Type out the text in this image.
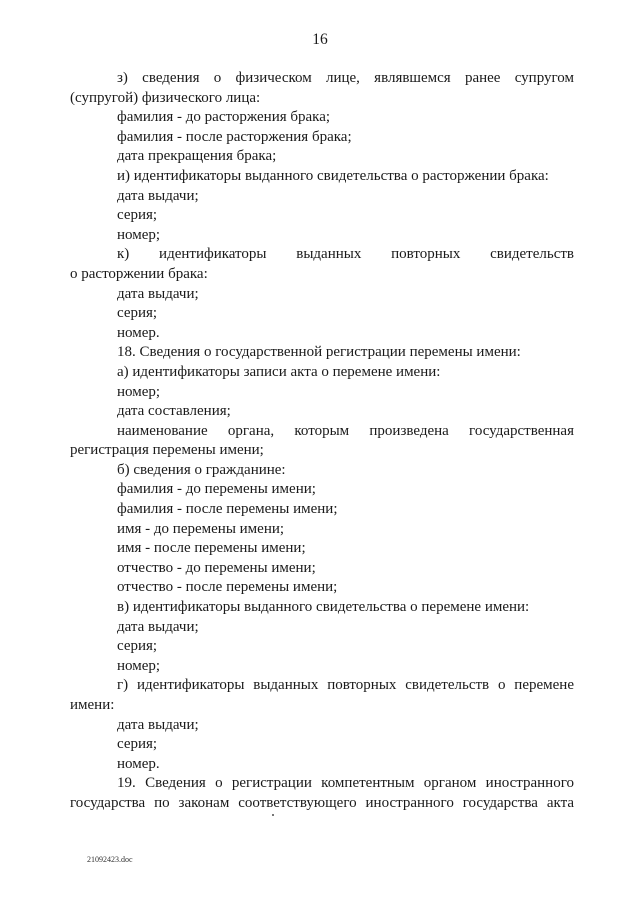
16
з) сведения о физическом лице, являвшемся ранее супругом
(супругой) физического лица:
фамилия - до расторжения брака;
фамилия - после расторжения брака;
дата прекращения брака;
и) идентификаторы выданного свидетельства о расторжении брака:
дата выдачи;
серия;
номер;
к) идентификаторы выданных повторных свидетельств
о расторжении брака:
дата выдачи;
серия;
номер.
18. Сведения о государственной регистрации перемены имени:
а) идентификаторы записи акта о перемене имени:
номер;
дата составления;
наименование органа, которым произведена государственная
регистрация перемены имени;
б) сведения о гражданине:
фамилия - до перемены имени;
фамилия - после перемены имени;
имя - до перемены имени;
имя - после перемены имени;
отчество - до перемены имени;
отчество - после перемены имени;
в) идентификаторы выданного свидетельства о перемене имени:
дата выдачи;
серия;
номер;
г) идентификаторы выданных повторных свидетельств о перемене
имени:
дата выдачи;
серия;
номер.
19. Сведения о регистрации компетентным органом иностранного
государства по законам соответствующего иностранного государства акта
21092423.doc
